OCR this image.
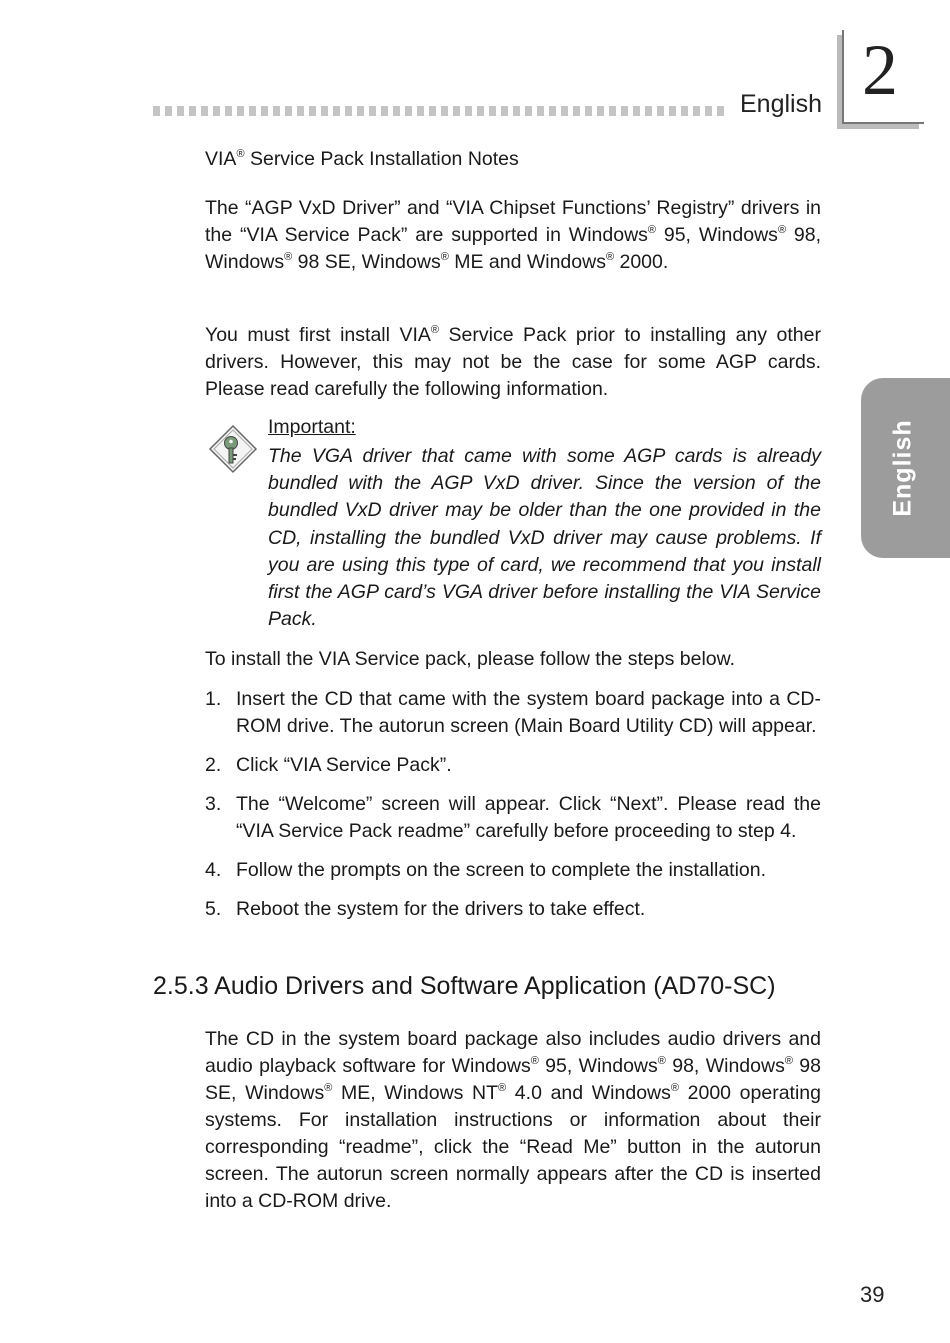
English 2
English
VIA® Service Pack Installation Notes
The “AGP VxD Driver” and “VIA Chipset Functions’ Registry” drivers in the “VIA Service Pack” are supported in Windows® 95, Windows® 98, Windows® 98 SE, Windows® ME and Windows® 2000.
You must first install VIA® Service Pack prior to installing any other drivers. However, this may not be the case for some AGP cards. Please read carefully the following information.
Important:
The VGA driver that came with some AGP cards is already bundled with the AGP VxD driver. Since the version of the bundled VxD driver may be older than the one provided in the CD, installing the bundled VxD driver may cause problems. If you are using this type of card, we recommend that you install first the AGP card’s VGA driver before installing the VIA Service Pack.
To install the VIA Service pack, please follow the steps below.
1. Insert the CD that came with the system board package into a CD-ROM drive. The autorun screen (Main Board Utility CD) will appear.
2. Click “VIA Service Pack”.
3. The “Welcome” screen will appear. Click “Next”. Please read the “VIA Service Pack readme” carefully before proceeding to step 4.
4. Follow the prompts on the screen to complete the installation.
5. Reboot the system for the drivers to take effect.
2.5.3 Audio Drivers and Software Application (AD70-SC)
The CD in the system board package also includes audio drivers and audio playback software for Windows® 95, Windows® 98, Windows® 98 SE, Windows® ME, Windows NT® 4.0 and Windows® 2000 operating systems. For installation instructions or information about their corresponding “readme”, click the “Read Me” button in the autorun screen. The autorun screen normally appears after the CD is inserted into a CD-ROM drive.
39
